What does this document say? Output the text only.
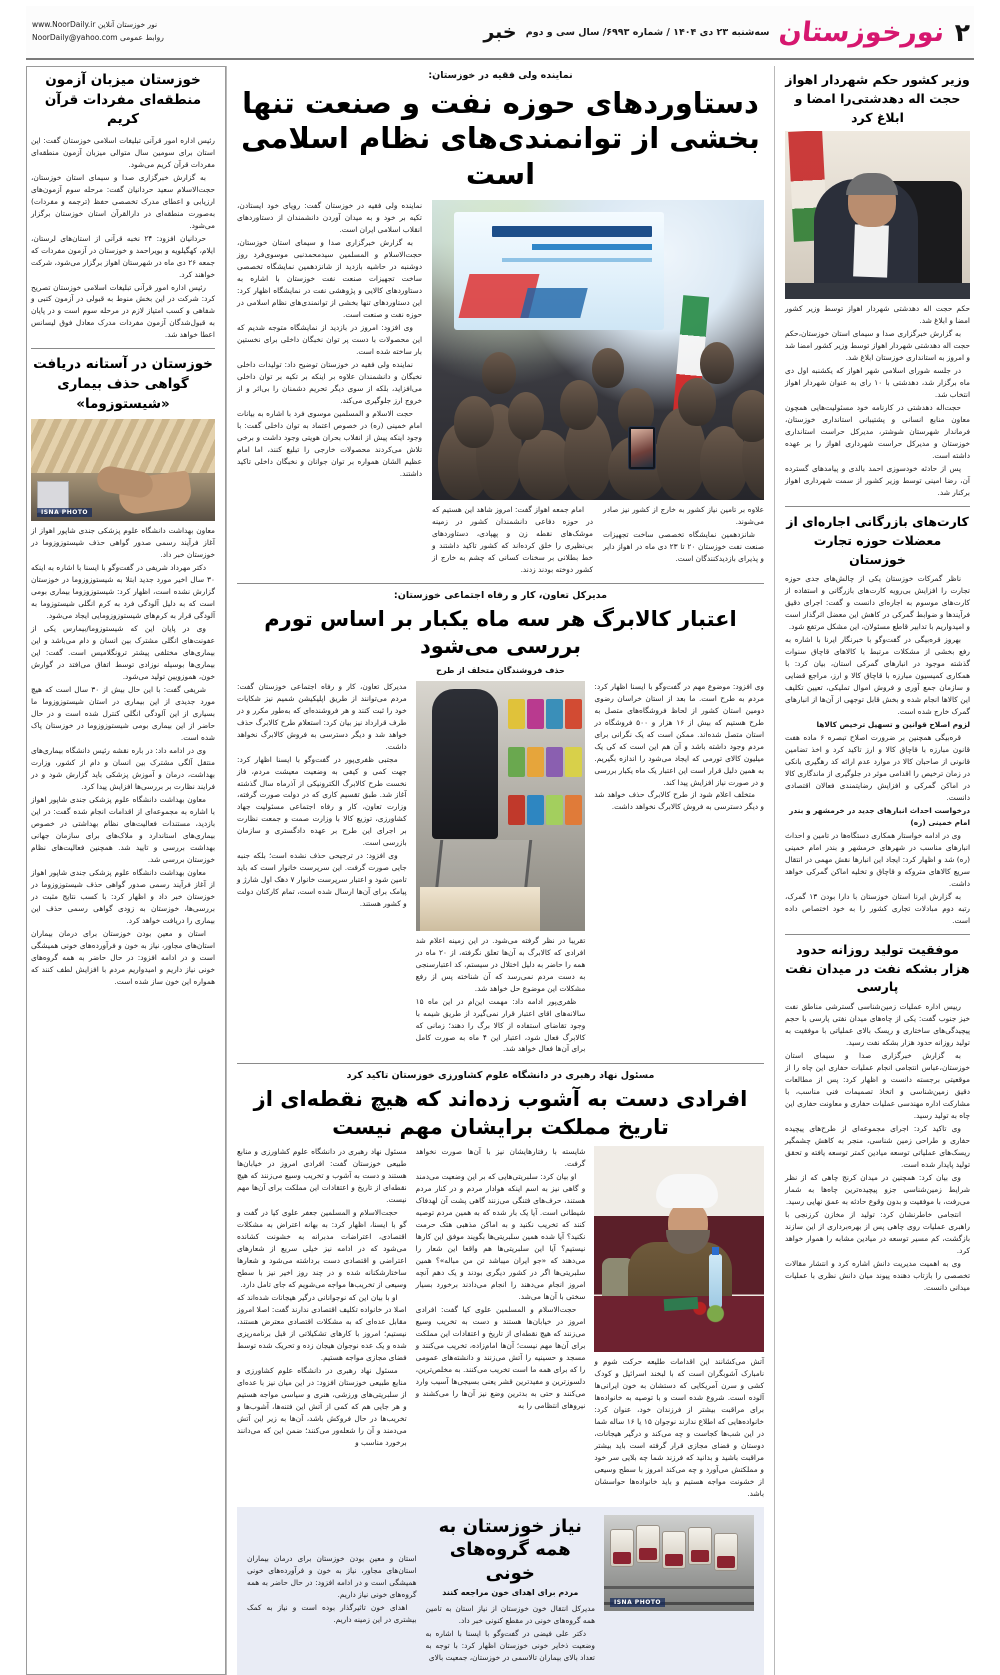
۲
نورخوزستان
سه‌شنبه ۲۳ دی ۱۴۰۴ / شماره ۶۹۹۳/ سال سی و دوم
خبر
www.NoorDaily.ir نور خوزستان آنلاین
NoorDaily@yahoo.com روابط عمومی
وزیر کشور حکم شهردار اهواز حجت اله دهدشتی‌را امضا و ابلاغ کرد

حکم حجت اله دهدشتی شهردار اهواز توسط وزیر کشور امضا و ابلاغ شد.

به گزارش خبرگزاری صدا و سیمای استان خوزستان،حکم حجت اله دهدشتی شهردار اهواز توسط وزیر کشور امضا شد و امروز به استانداری خوزستان ابلاغ شد.

در جلسه شورای اسلامی شهر اهواز که یکشنبه اول دی ماه برگزار شد، دهدشتی با ۱۰ رای به عنوان شهردار اهواز انتخاب شد.

حجت‌اله دهدشتی در کارنامه خود مسئولیت‌هایی همچون معاون منابع انسانی و پشتیبانی استانداری خوزستان، فرماندار شهرستان شوشتر، مدیرکل حراست استانداری خوزستان و مدیرکل حراست شهرداری اهواز را بر عهده داشته است.

پس از حادثه خودسوزی احمد بالدی و پیامدهای گسترده آن، رضا امینی توسط وزیر کشور از سمت شهرداری اهواز برکنار شد.

کارت‌های بازرگانی اجاره‌ای از معضلات حوزه تجارت خوزستان

ناظر گمرکات خوزستان یکی از چالش‌های جدی حوزه تجارت را افزایش بی‌رویه کارت‌های بازرگانی و استفاده از کارت‌های موسوم به اجاره‌ای دانست و گفت: اجرای دقیق فرآیندها و ضوابط گمرکی در کاهش این معضل اثرگذار است و امیدواریم با تدابیر قاطع مسئولان، این مشکل مرتفع شود.

بهروز قره‌بیگی در گفت‌وگو با خبرنگار ایرنا با اشاره به رفع بخشی از مشکلات مرتبط با کالاهای قاچاق سنوات گذشته موجود در انبارهای گمرکی استان، بیان کرد: با همکاری کمیسیون مبارزه با قاچاق کالا و ارز، مراجع قضایی و سازمان جمع آوری و فروش اموال تملیکی، تعیین تکلیف این کالاها انجام شده و بخش قابل توجهی از آن‌ها از انبارهای گمرک خارج شده است.

لزوم اصلاح قوانین و تسهیل ترخیص کالاها

قره‌بیگی همچنین بر ضرورت اصلاح تبصره ۶ ماده هفت قانون مبارزه با قاچاق کالا و ارز تاکید کرد و اخذ تضامین قانونی از صاحبان کالا در موارد عدم ارائه کد رهگیری بانکی در زمان ترخیص را اقدامی موثر در جلوگیری از ماندگاری کالا در اماکن گمرکی و افزایش رضایتمندی فعالان اقتصادی دانست.

درخواست احداث انبارهای جدید در خرمشهر و بندر امام خمینی (ره)

وی در ادامه خواستار همکاری دستگاه‌ها در تامین و احداث انبارهای مناسب در شهرهای خرمشهر و بندر امام خمینی (ره) شد و اظهار کرد: ایجاد این انبارها نقش مهمی در انتقال سریع کالاهای متروکه و قاچاق و تخلیه اماکن گمرکی خواهد داشت.

به گزارش ایرنا استان خوزستان با دارا بودن ۱۳ گمرک، رتبه دوم مبادلات تجاری کشور را به خود اختصاص داده است.

موفقیت تولید روزانه حدود هزار بشکه نفت در میدان نفت پارسی

رییس اداره عملیات زمین‌شناسی گسترشی مناطق نفت خیز جنوب گفت: یکی از چاه‌های میدان نفتی پارسی با حجم پیچیدگی‌های ساختاری و ریسک بالای عملیاتی با موفقیت به تولید روزانه حدود هزار بشکه نفت رسید.

به گزارش خبرگزاری صدا و سیمای استان خوزستان،عباس انتجامی انجام عملیات حفاری این چاه را از موقعیتی برجسته دانست و اظهار کرد: پس از مطالعات دقیق زمین‌شناسی و اتخاذ تصمیمات فنی مناسب، با مشارکت اداره مهندسی عملیات حفاری و معاونت حفاری این چاه به تولید رسید.

وی تاکید کرد: اجرای مجموعه‌ای از طرح‌های پیچیده حفاری و طراحی زمین شناسی، منجر به کاهش چشمگیر ریسک‌های عملیاتی توسعه میادین کمتر توسعه یافته و تحقق تولید پایدار شده است.

وی بیان کرد: همچنین در میدان کرنج چاهی که از نظر شرایط زمین‌شناسی جزو پیچیده‌ترین چاه‌ها به شمار می‌رفت، با موفقیت و بدون وقوع حادثه به عمق نهایی رسید.

انتجامی خاطرنشان کرد: تولید از مخازن کرزنجی با راهبری عملیات روی چاهی پس از بهره‌برداری از این سازند بازگشت، کم مسیر توسعه در میادین مشابه را هموار خواهد کرد.

وی به اهمیت مدیریت دانش اشاره کرد و انتشار مقالات تخصصی را بازتاب دهنده پیوند میان دانش نظری با عملیات میدانی دانست.

نماینده ولی فقیه در خوزستان:
دستاوردهای حوزه نفت و صنعت تنها بخشی از توانمندی‌های نظام اسلامی است

علاوه بر تامین نیاز کشور به خارج از کشور نیز صادر می‌شوند.

شانزدهمین نمایشگاه تخصصی ساخت تجهیزات صنعت نفت خوزستان ۲۰ تا ۲۳ دی ماه در اهواز دایر و پذیرای بازدیدکنندگان است.

امام جمعه اهواز گفت: امروز شاهد این هستیم که در حوزه دفاعی دانشمندان کشور در زمینه موشک‌های نقطه زن و پهپادی، دستاوردهای بی‌نظیری را خلق کرده‌اند که کشور تاکید داشتند و خط بطلانی بر سخنات کسانی که چشم به خارج از کشور دوخته بودند زدند.

نماینده ولی فقیه در خوزستان گفت: رویای خود ایستادن، تکیه بر خود و به میدان آوردن دانشمندان از دستاوردهای انقلاب اسلامی ایران است.

به گزارش خبرگزاری صدا و سیمای استان خوزستان، حجت‌الاسلام و المسلمین سیدمحمدنبی موسوی‌فرد روز دوشنبه در حاشیه بازدید از شانزدهمین نمایشگاه تخصصی ساخت تجهیزات صنعت نفت خوزستان با اشاره به دستاوردهای کالایی و پژوهشی نفت در نمایشگاه اظهار کرد: این دستاوردهای تنها بخشی از توانمندی‌های نظام اسلامی در حوزه نفت و صنعت است.

وی افزود: امروز در بازدید از نمایشگاه متوجه شدیم که این محصولات با دست پر توان نخبگان داخلی برای نخستین بار ساخته شده است.

نماینده ولی فقیه در خوزستان توضیح داد: تولیدات داخلی نخبگان و دانشمندان علاوه بر اینکه بر تکیه بر توان داخلی می‌افزاید، بلکه از سوی دیگر تحریم دشمنان را بی‌اثر و از خروج ارز جلوگیری می‌کند.

حجت الاسلام و المسلمین موسوی فرد با اشاره به بیانات امام خمینی (ره) در خصوص اعتماد به توان داخلی گفت: با وجود اینکه پیش از انقلاب بحران هویتی وجود داشت و برخی تلاش می‌کردند محصولات خارجی را تبلیغ کنند، اما امام عظیم الشان همواره بر توان جوانان و نخبگان داخلی تاکید داشتند.

مدیرکل تعاون، کار و رفاه اجتماعی خوزستان:
اعتبار کالابرگ هر سه ماه یکبار بر اساس تورم بررسی می‌شود
حذف فروشندگان متخلف از طرح

وی افزود: موضوع مهم در گفت‌وگو با ایسنا اظهار کرد: مردم به طرح است. ما بعد از استان خراسان رضوی دومین استان کشور از لحاظ فروشگاه‌های متصل به طرح هستیم که بیش از ۱۶ هزار و ۵۰۰ فروشگاه در استان متصل شده‌اند. ممکن است که یک نگرانی برای مردم وجود داشته باشد و آن هم این است که کی یک میلیون کالای تورمی که ایجاد می‌شود را اندازه بگیریم. به همین دلیل قرار است این اعتبار یک ماه یکبار بررسی و در صورت نیاز افزایش پیدا کند.

متخلف اعلام شود از طرح کالابرگ حذف خواهد شد و دیگر دسترسی به فروش کالابرگ نخواهد داشت.

تقریبا در نظر گرفته می‌شود. در این زمینه اعلام شد افرادی که کالابرگ به آن‌ها تعلق نگرفته، از ۲۰ ماه در همه را حاضر به دلیل اختلال در سیستم، کد اعتبارسنجی به دست مردم نمی‌رسد که آن شناخته پس از رفع مشکلات این موضوع حل خواهد شد.

ظفری‌پور ادامه داد: مهمت این‌ام در این ماه ۱۵ سالانه‌های اقای اعتبار قرار نمی‌گیرد از طریق شیمه با وجود تقاضای استفاده از کالا برگ را دهند؛ زمانی که کالابرگ فعال شود، اعتبار این ۴ ماه به صورت کامل برای آن‌ها فعال خواهد شد.

مدیرکل تعاون، کار و رفاه اجتماعی خوزستان گفت: مردم می‌توانند از طریق اپلیکیشن شمیم نیز شکایات خود را ثبت کنند و هر فروشنده‌ای که به‌طور مکرر و در طرف قرارداد نیز بیان کرد: استعلام طرح کالابرگ حذف خواهد شد و دیگر دسترسی به فروش کالابرگ نخواهد داشت.

مجتبی ظفری‌پور در گفت‌وگو با ایسنا اظهار کرد: جهت کمی و کیفی به وضعیت معیشت مردم، فاز نخست طرح کالابرگ الکترونیکی از آذرماه سال گذشته آغاز شد. طبق تقسیم کاری که در دولت صورت گرفته، وزارت تعاون، کار و رفاه اجتماعی مسئولیت جهاد کشاورزی، توزیع کالا با وزارت صمت و جمعت نظارت بر اجرای این طرح بر عهده دادگستری و سازمان بازرسی است.

وی افزود: در ترجیحی حذف نشده است؛ بلکه جنبه‌ جایی صورت گرفت. این سرپرست خانوار است که باید تامین شود و اعتبار سرپرست خانوار ۷ دهک اول شارژ و پیامک برای آن‌ها ارسال شده است، تمام کارکنان دولت و کشور هستند.

مسئول نهاد رهبری در دانشگاه علوم کشاورزی خوزستان تاکید کرد
افرادی دست به آشوب زده‌اند که هیچ نقطه‌ای از تاریخ مملکت برایشان مهم نیست

آتش می‌کشانند این اقدامات طلیعه حرکت شوم و نامبارک آشوبگران است که با لبخند اسرائیل و کودک کشی و سرن آمریکایی که دستشان به خون ایرانی‌ها آلوده است. شروع شده است و با توصیه به خانواده‌ها برای مراقبت بیشتر از فرزندان خود، عنوان کرد: خانواده‌هایی که اطلاع ندارند نوجوان ۱۵ یا ۱۶ ساله شما در این شب‌ها کجاست و چه می‌کند و درگیر هیجانات، دوستان و فضای مجازی قرار گرفته است باید بیشتر مراقبت باشید و بدانید که فرزند شما چه بلایی سر خود و مملکتش می‌آورد و چه می‌کند امروز با سطح وسیعی از خشونت مواجه هستیم و باید خانواده‌ها حواسشان باشد.

شایسته با رفتارهایشان نیز با آن‌ها صورت نخواهد گرفت.

او بیان کرد: سلبریتی‌هایی که بر این وضعیت می‌دمند و گاهی نیز به اسم اینکه هوادار مردم و در کنار مردم هستند، حرف‌های فتنگی می‌زنند گاهی پشت آن لهدفاک شیطانی است. آیا یک بار شده که به همین مردم توصیه کنند که تخریب نکنید و به اماکن مذهبی هتک حرمت نکنید؟ آیا شده همین سلبریتی‌ها بگویند موفق این کارها نیستیم؟ آیا این سلبریتی‌ها هم واقعا این شعار را می‌دهند که «جو ایران میباشد تن من مباله»؟ همین سلبریتی‌ها اگر در کشور دیگری بودند و یک دهم آنچه امروز انجام می‌دهند را انجام می‌دادند برخورد بسیار سختی با آن‌ها می‌شد.

حجت‌الاسلام و المسلمین علوی کیا گفت: افرادی امروز در خیابان‌ها هستند و دست به تخریب وسیع می‌زنند که هیچ نقطه‌ای از تاریخ و اعتقادات این مملکت برای آن‌ها مهم نیست؛ آن‌ها امام‌زاده، تخریب می‌کنند و مسجد و حسینیه را آتش می‌زنند و دانشته‌های عمومی را که برای همه ما است تخریب می‌کنند. به مخلص‌ترین، دلسوزترین و مفیدترین قشر یعنی بسیجی‌ها آسیب وارد می‌کنند و حتی به بدترین وضع نیز آن‌ها را می‌کشند و نیروهای انتظامی را به

مسئول نهاد رهبری در دانشگاه علوم کشاورزی و منابع طبیعی خوزستان گفت: افرادی امروز در خیابان‌ها هستند و دست به آشوب و تخریب وسیع می‌زنند که هیچ نقطه‌ای از تاریخ و اعتقادات این مملکت برای آن‌ها مهم نیست.

حجت‌الاسلام و المسلمین جعفر علوی کیا در گفت و گو با ایسنا، اظهار کرد: به بهانه اعتراض به مشکلات اقتصادی، اعتراضات مدبرانه به خشونت کشانده می‌شود که در ادامه نیز خیلی سریع از شعارهای اعتراضی و اقتصادی دست برداشته می‌شود و شعارها ساختارشکنانه شده و در چند روز اخیر نیز با سطح وسیعی از تخریب‌ها مواجه می‌شویم که جای تامل دارد.

او با بیان این که نوجوانانی درگیر هیجانات شده‌اند که اصلا در خانواده تکلیف اقتصادی ندارند گفت: اصلا امروز مقابل عده‌ای که به مشکلات اقتصادی معترض هستند، نیستیم؛ امروز با کارهای تشکیلاتی از قبل برنامه‌ریزی شده و یک عده نوجوان هیجان زده و تحریک شده توسط فضای مجازی مواجه هستیم.

مسئول نهاد رهبری در دانشگاه علوم کشاورزی و منابع طبیعی خوزستان افزود: در این میان نیز با عده‌ای از سلبریتی‌های ورزشی، هنری و سیاسی مواجه هستیم و هر جایی هم که کمی از آتش این فتنه‌ها، آشوب‌ها و تخریب‌ها در حال فروکش باشد، آن‌ها به زیر این آتش می‌دمند و آن را شعله‌ور می‌کنند؛ ضمن این که می‌دانند برخورد مناسب و

ISNA PHOTO
نیاز خوزستان به همه گروه‌های خونی
مردم برای اهدای خون مراجعه کنند

مدیرکل انتقال خون خوزستان از نیاز استان به تامین همه گروه‌های خونی در مقطع کنونی خبر داد.

دکتر علی فیضی در گفت‌وگو با ایسنا با اشاره به وضعیت ذخایر خونی خوزستان اظهار کرد: با توجه به تعداد بالای بیماران تالاسمی در خوزستان، جمعیت بالای

استان و معین بودن خوزستان برای درمان بیماران استان‌های مجاور، نیاز به خون و فرآورده‌های خونی همیشگی است و در ادامه افزود: در حال حاضر به همه گروه‌های خونی نیاز داریم.

اهدای خون تاثیرگذار بوده است و نیاز به کمک بیشتری در این زمینه داریم.

خوزستان میزبان آزمون منطقه‌ای مفردات قرآن کریم

رئیس اداره امور قرآنی تبلیغات اسلامی خوزستان گفت: این استان برای سومین سال متوالی میزبان آزمون منطقه‌ای مفردات قرآن کریم می‌شود.

به گزارش خبرگزاری صدا و سیمای استان خوزستان، حجت‌الاسلام سعید حردانیان گفت: مرحله سوم آزمون‌های ارزیابی و اعطای مدرک تخصصی حفظ (ترجمه و مفردات) به‌صورت منطقه‌ای در دارالقرآن استان خوزستان برگزار می‌شود.

حردانیان افزود: ۲۴ نخبه قرآنی از استان‌های لرستان، ایلام، کهگیلویه و بویراحمد و خوزستان در آزمون مفردات که جمعه ۲۶ دی ماه در شهرستان اهواز برگزار می‌شود، شرکت خواهند کرد.

رئیس اداره امور قرآنی تبلیغات اسلامی خوزستان تصریح کرد: شرکت در این بخش منوط به قبولی در آزمون کتبی و شفاهی و کسب امتیاز لازم در مرحله سوم است و در پایان به قبول‌شدگان آزمون مفردات مدرک معادل فوق لیسانس اعطا خواهد شد.

خوزستان در آستانه دریافت گواهی حذف بیماری «شیستوزوما»
ISNA PHOTO

معاون بهداشت دانشگاه علوم پزشکی جندی شاپور اهواز از آغاز فرآیند رسمی صدور گواهی حذف شیستوزوزوما در خوزستان خبر داد.

دکتر مهرداد شریفی در گفت‌وگو با ایسنا با اشاره به اینکه ۳۰ سال اخیر مورد جدید ابتلا به شیستوزوزوما در خوزستان گزارش نشده است، اظهار کرد: شیستوزوزوما بیماری بومی است که به دلیل آلودگی فرد به کرم انگلی شیستوزوما به آلودگی قرار به کرم‌های شیستوزوزومایی ایجاد می‌شود.

وی در پایان این که شیستوزوما/بیمارس یکی از عفونت‌های انگلی مشترک بین انسان و دام می‌باشد و این بیماری‌های مختلفی پیشتر ترونگلامیس است. گفت: این بیماری‌ها بوسیله نوزادی توسط اتفاق می‌افتد در گوارش خون، هموزویین تولید می‌شود.

شریفی گفت: با این حال بیش از ۳۰ سال است که هیچ مورد جدیدی از این بیماری در استان شیستوزوزوما ما بسیاری از این آلودگی انگلی کنترل شده است و در حال حاضر از این بیماری بومی شیستوزوزوما در خوزستان پاک شده است.

وی در ادامه داد: در باره نقشه رئیس دانشگاه بیماری‌های منتقل آلگی مشترک بین انسان و دام از کشور، وزارت بهداشت، درمان و آموزش پزشکی باید گزارش شود و در فرایند نظارت بر بررسی‌ها افزایش پیدا کرد.

معاون بهداشت دانشگاه علوم پزشکی جندی شاپور اهواز با اشاره به مجموعه‌ای از اقدامات انجام شده گفت: در این بازدید، مستندات فعالیت‌های نظام بهداشتی در خصوص بیماری‌های استاندارد و ملاک‌های برای سازمان جهانی بهداشت بررسی و تایید شد. همچنین فعالیت‌های نظام خوزستان بررسی شد.

معاون بهداشت دانشگاه علوم پزشکی جندی شاپور اهواز از آغاز فرآیند رسمی صدور گواهی حذف شیستوزوزوما در خوزستان خبر داد و اظهار کرد: با کسب نتایج مثبت در بررسی‌ها، خوزستان به زودی گواهی رسمی حذف این بیماری را دریافت خواهد کرد.

استان و معین بودن خوزستان برای درمان بیماران استان‌های مجاور، نیاز به خون و فرآورده‌های خونی همیشگی است و در ادامه افزود: در حال حاضر به همه گروه‌های خونی نیاز داریم و امیدواریم مردم با افزایش لطف کنند که همواره این خون ساز شده است.
